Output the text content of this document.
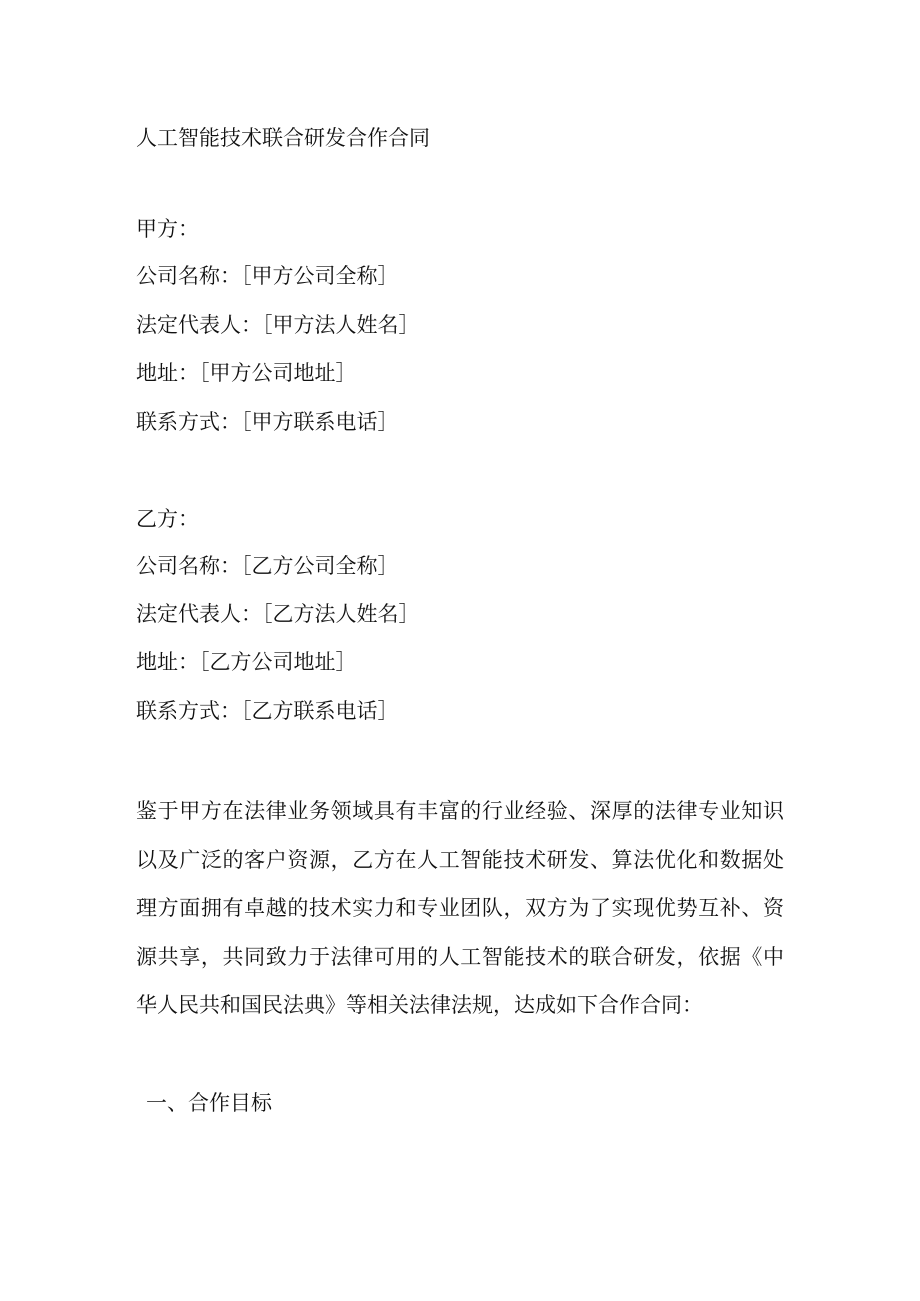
人工智能技术联合研发合作合同
甲方：
公司名称：［甲方公司全称］
法定代表人：［甲方法人姓名］
地址：［甲方公司地址］
联系方式：［甲方联系电话］
乙方：
公司名称：［乙方公司全称］
法定代表人：［乙方法人姓名］
地址：［乙方公司地址］
联系方式：［乙方联系电话］

鉴于甲方在法律业务领域具有丰富的行业经验、深厚的法律专业知识以及广泛的客户资源，乙方在人工智能技术研发、算法优化和数据处理方面拥有卓越的技术实力和专业团队，双方为了实现优势互补、资源共享，共同致力于法律可用的人工智能技术的联合研发，依据《中华人民共和国民法典》等相关法律法规，达成如下合作合同：

一、合作目标
